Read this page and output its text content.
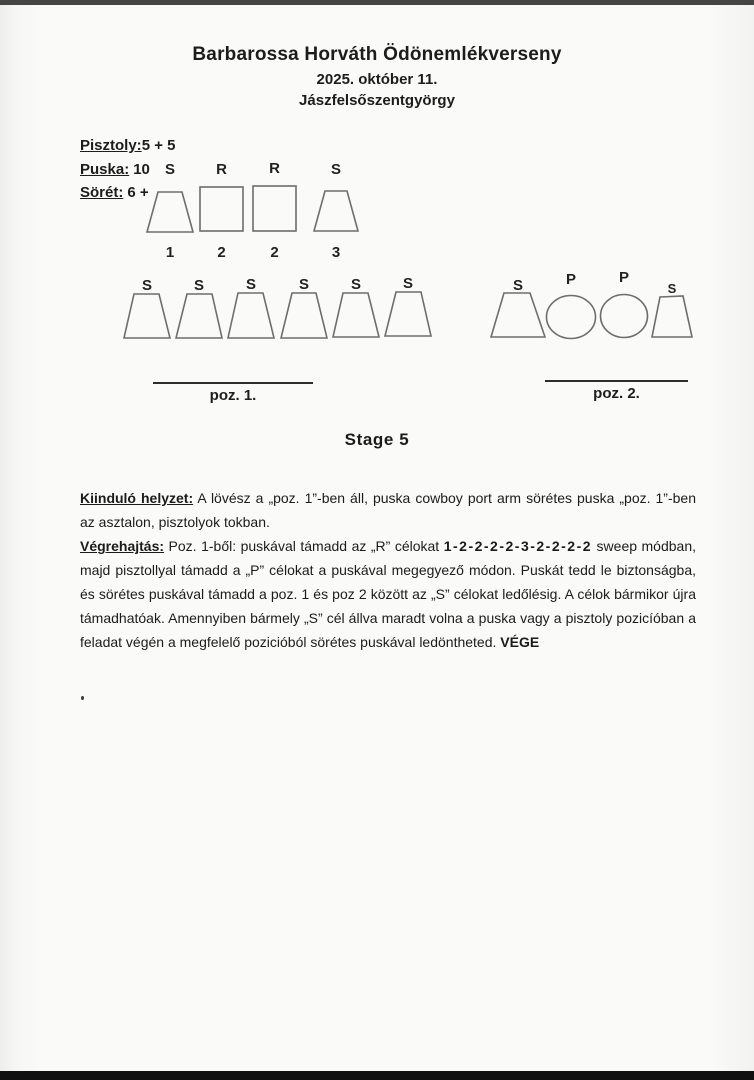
Barbarossa Horváth Ödönemlékverseny
2025. október 11.
Jászfelsőszentgyörgy
Pisztoly:5 + 5
Puska: 10
Sörét: 6 +
S	R	R	S
1	2	2	3
S	S	S	S	S	S	S	P	P
S
poz. 1.	poz. 2.
Stage 5

Kiinduló helyzet: A lövész a „poz. 1”-ben áll, puska cowboy port arm sörétes puska „poz. 1”-ben az asztalon, pisztolyok tokban.

Végrehajtás: Poz. 1-ből: puskával támadd az „R” célokat 1-2-2-2-2-3-2-2-2-2 sweep módban, majd pisztollyal támadd a „P” célokat a puskával megegyező módon. Puskát tedd le biztonságba, és sörétes puskával támadd a poz. 1 és poz 2 között az „S” célokat ledőlésig. A célok bármikor újra támadhatóak. Amennyiben bármely „S” cél állva maradt volna a puska vagy a pisztoly pozicíóban a feladat végén a megfelelő pozicióból sörétes puskával ledöntheted. VÉGE
